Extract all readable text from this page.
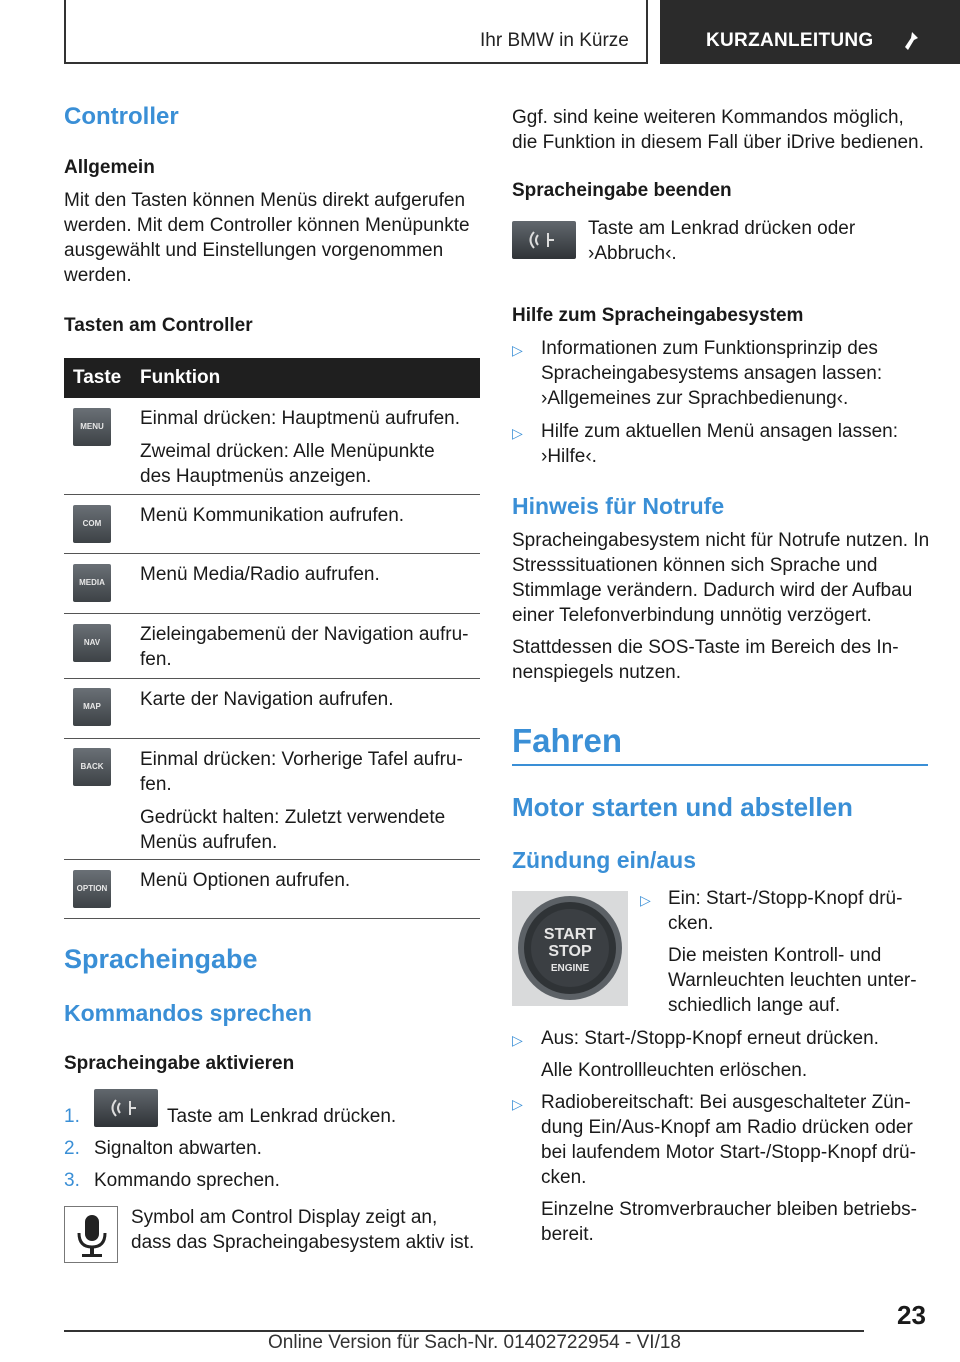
Ihr BMW in Kürze	KURZANLEITUNG
Controller
Allgemein
Mit den Tasten können Menüs direkt aufgerufen werden. Mit dem Controller können Menüpunkte ausgewählt und Einstellungen vorgenommen werden.
Tasten am Controller
Taste Funktion
MENU	Einmal drücken: Hauptmenü aufrufen.

Zweimal drücken: Alle Menüpunkte des Hauptmenüs anzeigen.

COM	Menü Kommunikation aufrufen.

MEDIA	Menü Media/Radio aufrufen.

NAV	Zieleingabemenü der Navigation aufrufen.

MAP	Karte der Navigation aufrufen.

BACK	Einmal drücken: Vorherige Tafel aufrufen.

Gedrückt halten: Zuletzt verwendete Menüs aufrufen.

OPTION Menü Optionen aufrufen.

Spracheingabe
Kommandos sprechen
Spracheingabe aktivieren
1.	Taste am Lenkrad drücken.
2. Signalton abwarten.
3. Kommando sprechen.
Symbol am Control Display zeigt an, dass das Spracheingabesystem aktiv ist.
Ggf. sind keine weiteren Kommandos möglich, die Funktion in diesem Fall über iDrive bedienen.
Spracheingabe beenden
Taste am Lenkrad drücken oder ›Abbruch‹.
Hilfe zum Spracheingabesystem
▷ Informationen zum Funktionsprinzip des Spracheingabesystems ansagen lassen: ›Allgemeines zur Sprachbedienung‹.
▷ Hilfe zum aktuellen Menü ansagen lassen: ›Hilfe‹.
Hinweis für Notrufe
Spracheingabesystem nicht für Notrufe nutzen. In Stresssituationen können sich Sprache und Stimmlage verändern. Dadurch wird der Aufbau einer Telefonverbindung unnötig verzögert.
Stattdessen die SOS-Taste im Bereich des Innenspiegels nutzen.
Fahren
Motor starten und abstellen
Zündung ein/aus
START
STOP
ENGINE
▷ Ein: Start-/Stopp-Knopf drücken.
Die meisten Kontroll- und Warnleuchten leuchten unterschiedlich lange auf.
▷ Aus: Start-/Stopp-Knopf erneut drücken.
Alle Kontrollleuchten erlöschen.
▷ Radiobereitschaft: Bei ausgeschalteter Zündung Ein/Aus-Knopf am Radio drücken oder bei laufendem Motor Start-/Stopp-Knopf drücken.
Einzelne Stromverbraucher bleiben betriebsbereit.
23
Online Version für Sach-Nr. 01402722954 - VI/18
